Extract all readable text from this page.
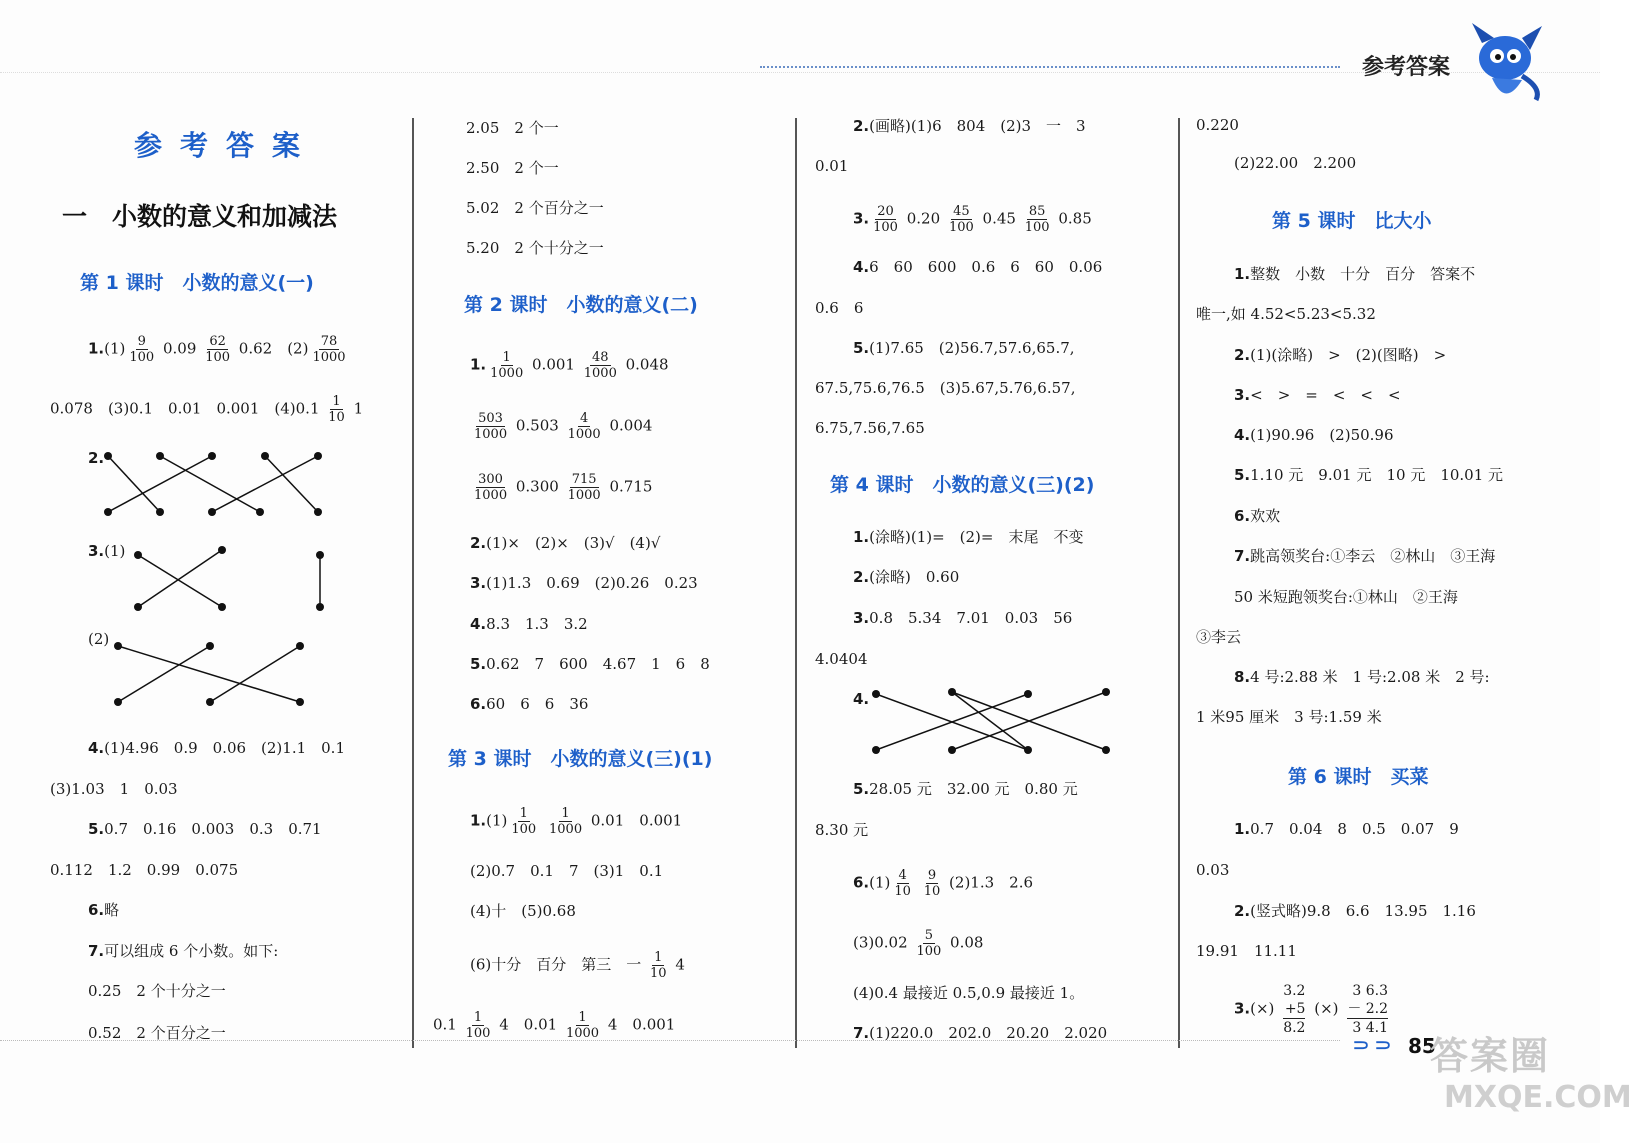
参考答案
参考答案
一　小数的意义和加减法
第 1 课时　小数的意义(一)
$1.(1) \frac{9}{100} 0.09 \frac{62}{100} 0.62$　$(2) \frac{78}{1000}$
0.078　(3)0.1　0.01　0.001　$(4)0.1 \frac{1}{10} 1$
2.
3.(1)
(2)
4.(1)4.96　0.9　0.06　(2)1.1　0.1
(3)1.03　1　0.03
5.0.7　0.16　0.003　0.3　0.71
0.112　1.2　0.99　0.075
6.略
7.可以组成 6 个小数。如下:
0.25　2 个十分之一
0.52　2 个百分之一
2.05　2 个一
2.50　2 个一
5.02　2 个百分之一
5.20　2 个十分之一
第 2 课时　小数的意义(二)
1. $\frac{1}{1000} 0.001 \frac{48}{1000} 0.048$
$\frac{503}{1000} 0.503 \frac{4}{1000} 0.004$
$\frac{300}{1000} 0.300 \frac{715}{1000} 0.715$
2.(1)×　(2)×　(3)√　(4)√
3.(1)1.3　0.69　(2)0.26　0.23
4.8.3　1.3　3.2
5.0.62　7　600　4.67　1　6　8
6.60　6　6　36
第 3 课时　小数的意义(三)(1)
$1.(1) \frac{1}{100}$
$\frac{1}{1000} 0.01$　0.001
(2)0.7　0.1　7　(3)1　0.1
(4)十　(5)0.68
(6)十分　百分　第三　一 $\frac{1}{10} 4$
$0.1 \frac{1}{100} 4$　$0.01 \frac{1}{1000} 4$　0.001
2.(画略)(1)6　804　(2)3　一　3
0.01
3. $\frac{20}{100} 0.20 \frac{45}{100} 0.45 \frac{85}{100} 0.85$
4.6　60　600　0.6　6　60　0.06
0.6　6
5.(1)7.65　(2)56.7,57.6,65.7,
67.5,75.6,76.5　(3)5.67,5.76,6.57,
6.75,7.56,7.65
第 4 课时　小数的意义(三)(2)
1.(涂略)(1)=　(2)=　末尾　不变
2.(涂略)　0.60
3.0.8　5.34　7.01　0.03　56
4.0404
4.
5.28.05 元　32.00 元　0.80 元
8.30 元
$6.(1) \frac{4}{10}$
$\frac{9}{10} (2)1.3$　2.6
$(3)0.02 \frac{5}{100} 0.08$
(4)0.4 最接近 0.5,0.9 最接近 1。
7.(1)220.0　202.0　20.20　2.020
0.220
(2)22.00　2.200
第 5 课时　比大小
1.整数　小数　十分　百分　答案不
唯一,如 4.52<5.23<5.32
2.(1)(涂略)　>　(2)(图略)　>
3.<　>　=　<　<　<
4.(1)90.96　(2)50.96
5.1.10 元　9.01 元　10 元　10.01 元
6.欢欢
7.跳高领奖台:①李云　②林山　③王海
50 米短跑领奖台:①林山　②王海
③李云
8.4 号:2.88 米　1 号:2.08 米　2 号:
1 米95 厘米　3 号:1.59 米
第 6 课时　买菜
1.0.7　0.04　8　0.5　0.07　9
0.03
2.(竖式略)9.8　6.6　13.95　1.16
19.91　11.11
3.(×)
3.2
+5
8.2
(×)
3 6.3
－ 2.2
3 4.1
⸧⸧ 85
答案圈
MXQE.COM
